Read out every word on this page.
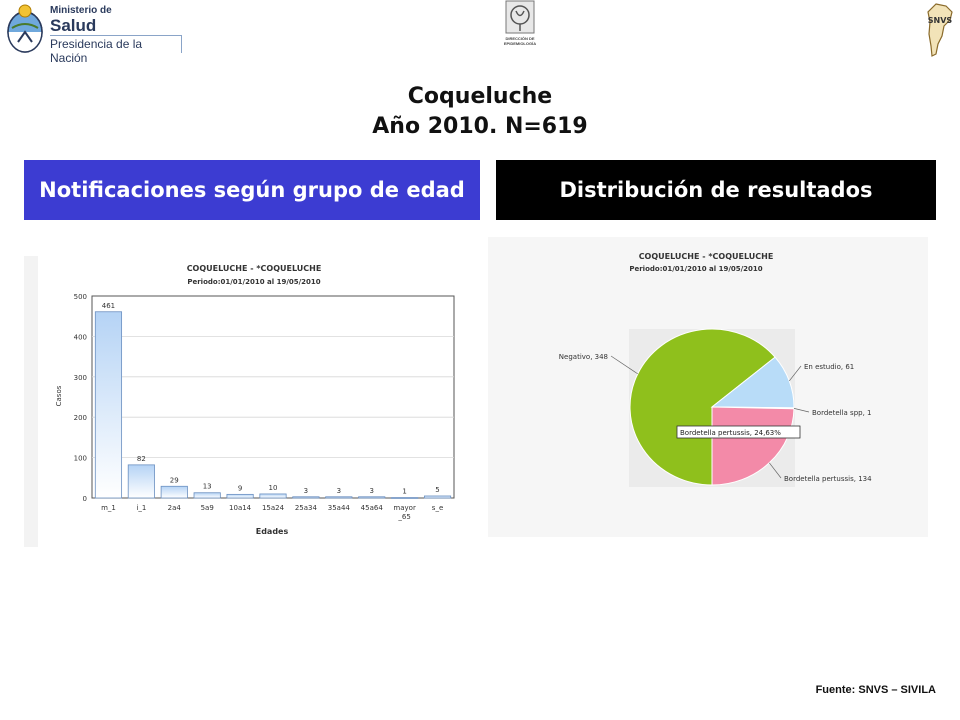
Ministerio de
Salud
Presidencia de la Nación
DIRECCIÓN DE
EPIDEMIOLOGÍA
SNVS
Coqueluche
Año 2010. N=619
Notificaciones según grupo de edad	Distribución de resultados
COQUELUCHE - *COQUELUCHE
Periodo:01/01/2010 al 19/05/2010
Casos
Edades
0
100
200
300
400
500
461
m_1
82
i_1
29
2a4
13
5a9
9
10a14
10
15a24
3
25a34
3
35a44
3
45a64
1
mayor
_65
5
s_e
COQUELUCHE - *COQUELUCHE
Periodo:01/01/2010 al 19/05/2010
Negativo, 348
En estudio, 61
Bordetella spp, 1
Bordetella pertussis, 134
Bordetella pertussis, 24,63%
Fuente: SNVS – SIVILA
